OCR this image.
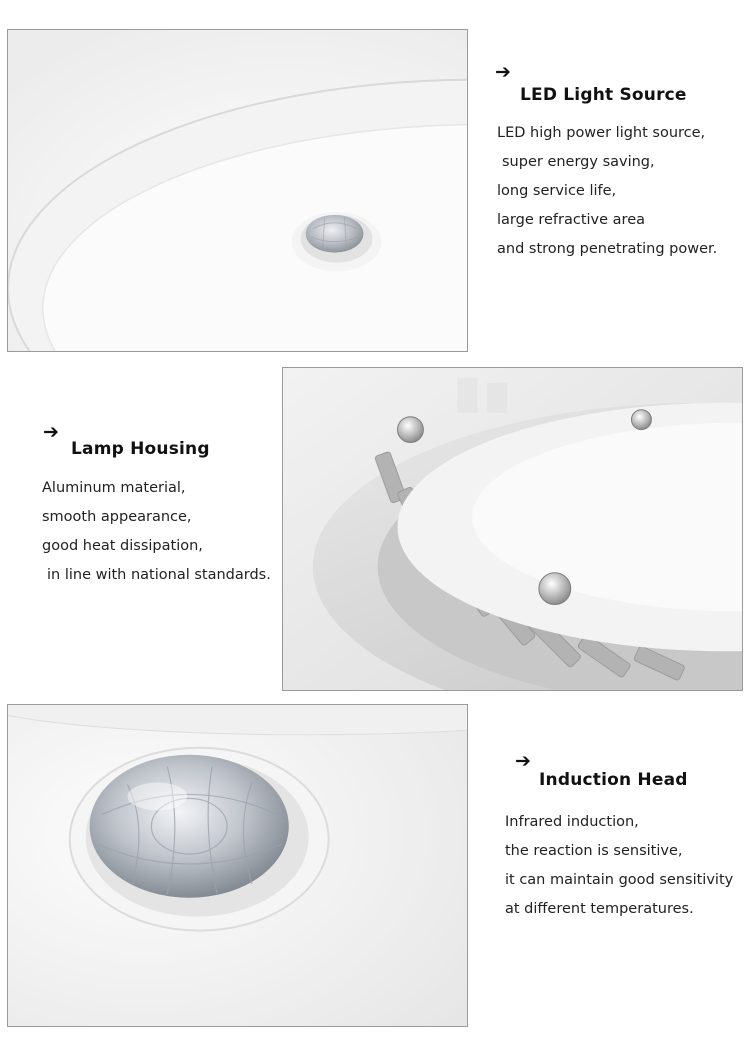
➔
LED Light Source
LED high power light source,
super energy saving,
long service life,
large refractive area
and strong penetrating power.
➔
Lamp Housing
Aluminum material,
smooth appearance,
good heat dissipation,
in line with national standards.
➔
Induction Head
Infrared induction,
the reaction is sensitive,
it can maintain good sensitivity
at different temperatures.
